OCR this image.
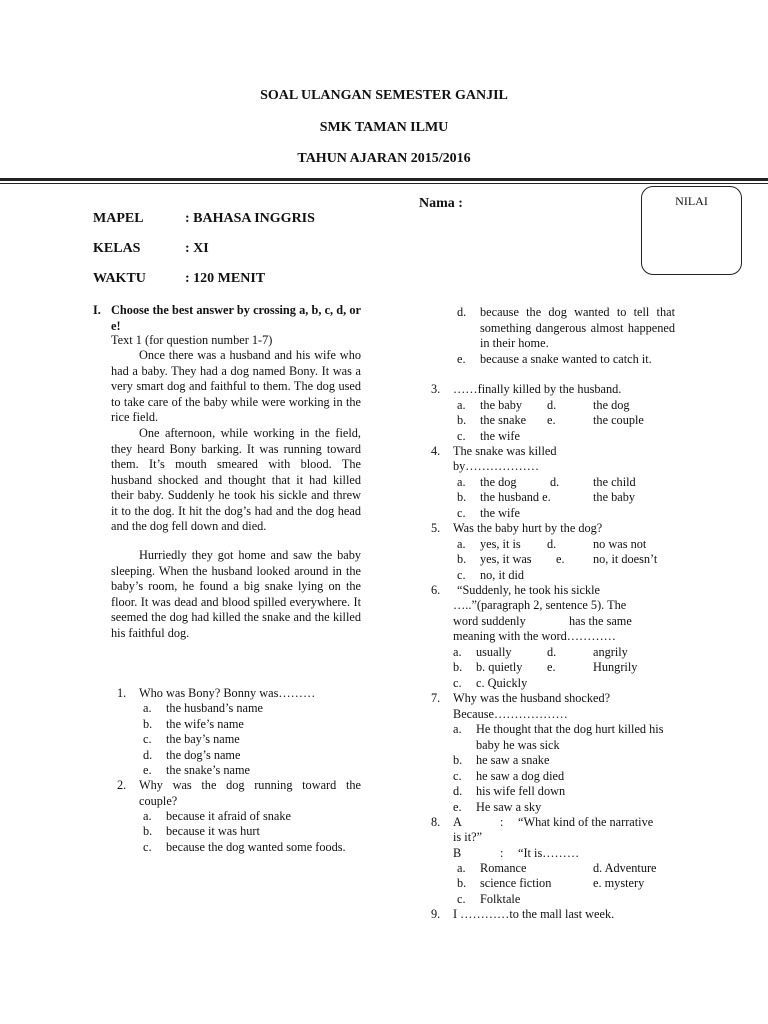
SOAL ULANGAN SEMESTER GANJIL
SMK TAMAN ILMU
TAHUN AJARAN 2015/2016
MAPEL	: BAHASA INGGRIS
KELAS	: XI
WAKTU	: 120 MENIT
Nama :	NILAI
I. Choose the best answer by crossing a, b, c, d, or e!
Text 1 (for question number 1-7)
Once there was a husband and his wife who had a baby. They had a dog named Bony. It was a very smart dog and faithful to them. The dog used to take care of the baby while were working in the rice field.
One afternoon, while working in the field, they heard Bony barking. It was running toward them. It’s mouth smeared with blood. The husband shocked and thought that it had killed their baby. Suddenly he took his sickle and threw it to the dog. It hit the dog’s had and the dog head and the dog fell down and died.
Hurriedly they got home and saw the baby sleeping. When the husband looked around in the baby’s room, he found a big snake lying on the floor. It was dead and blood spilled everywhere. It seemed the dog had killed the snake and the killed his faithful dog.
1. Who was Bony? Bonny was………
a. the husband’s name
b. the wife’s name
c. the bay’s name
d. the dog’s name
e. the snake’s name
2. Why was the dog running toward the couple?
a. because it afraid of snake
b. because it was hurt
c. because the dog wanted some foods.
d. because the dog wanted to tell that something dangerous almost happened in their home.
e. because a snake wanted to catch it.
3. ……finally killed by the husband.
a. the baby d.	the dog
b. the snake e.	the couple
c. the wife
4. The snake was killed
by………………
a. the dog	d.	the child
b. the husband e.	the baby
c. the wife
5. Was the baby hurt by the dog?
a. yes, it is d.	no was not
b. yes, it was e. no, it doesn’t
c. no, it did
6. “Suddenly, he took his sickle
…..”(paragraph 2, sentence 5). The
word suddenly	has the same
meaning with the word…………
a. usually	d.	angrily
b. b. quietly e.	Hungrily
c. c. Quickly
7. Why was the husband shocked?
Because………………
a. He thought that the dog hurt killed his baby he was sick
b. he saw a snake
c. he saw a dog died
d. his wife fell down
e. He saw a sky
8. A	: “What kind of the narrative
is it?”
B	: “It is………
a. Romance	d. Adventure
b. science fiction	e. mystery
c. Folktale
9. I …………to the mall last week.
